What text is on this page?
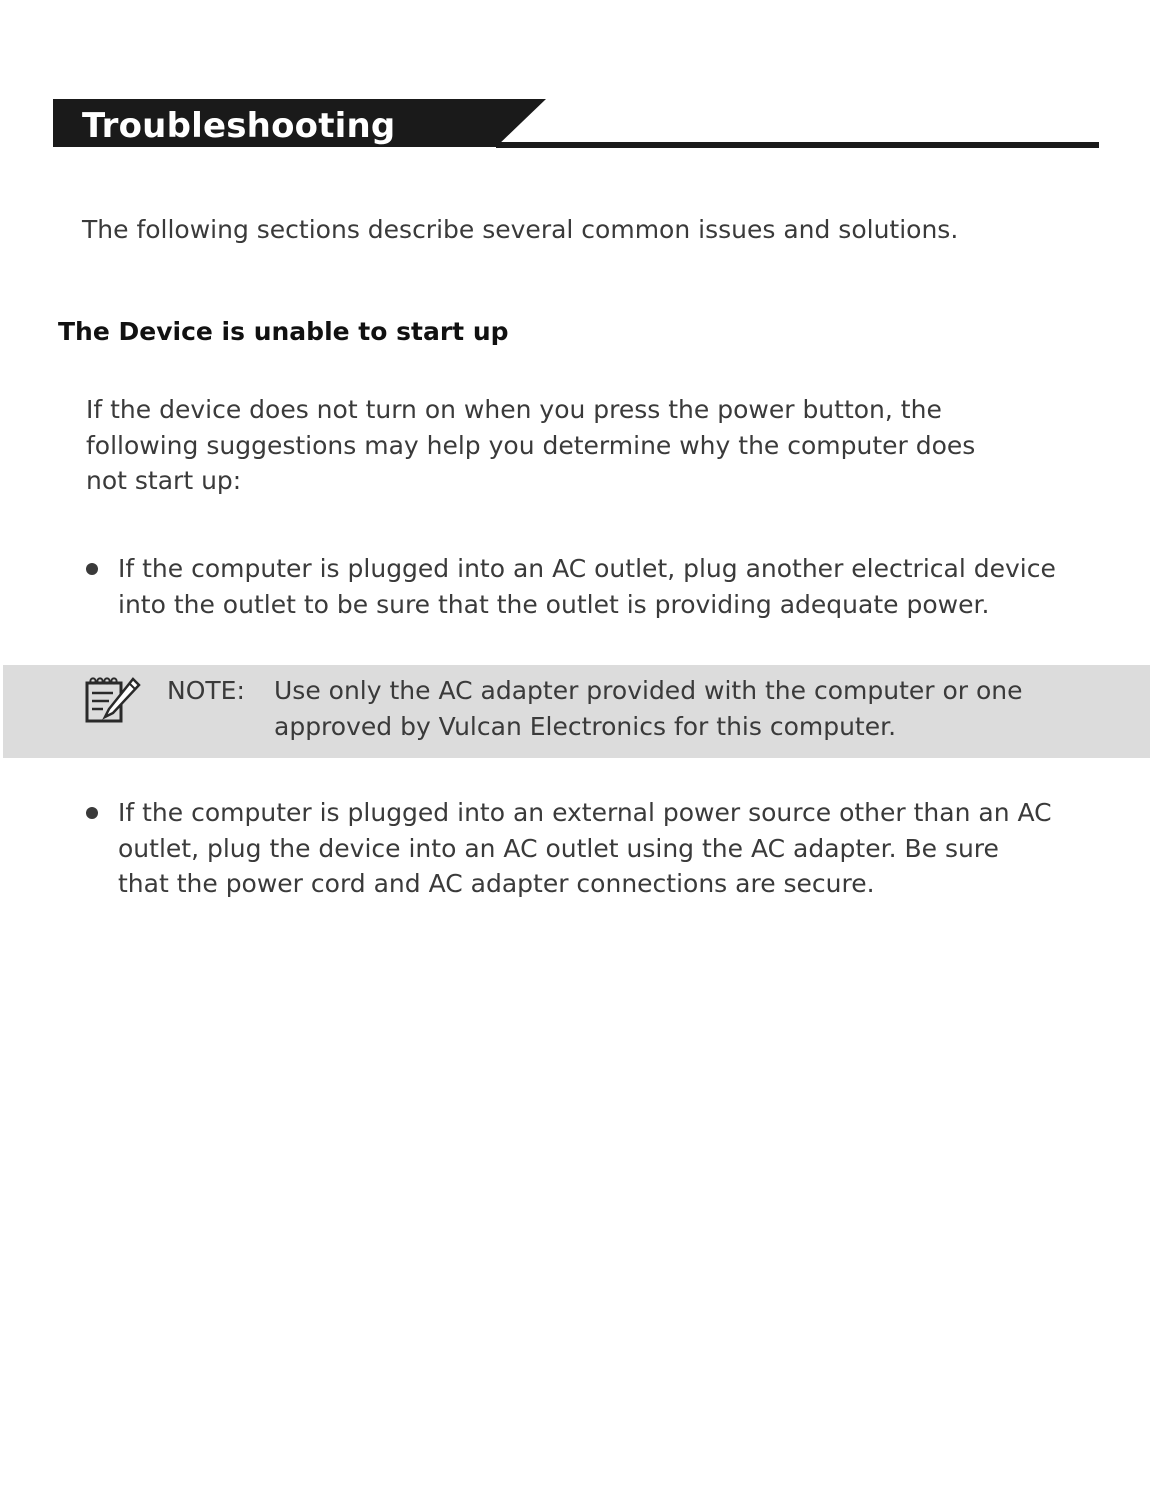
Troubleshooting
The following sections describe several common issues and solutions.
The Device is unable to start up
If the device does not turn on when you press the power button, the
following suggestions may help you determine why the computer does
not start up:
If the computer is plugged into an AC outlet, plug another electrical device
into the outlet to be sure that the outlet is providing adequate power.
NOTE: Use only the AC adapter provided with the computer or one
approved by Vulcan Electronics for this computer.
If the computer is plugged into an external power source other than an AC
outlet, plug the device into an AC outlet using the AC adapter. Be sure
that the power cord and AC adapter connections are secure.
